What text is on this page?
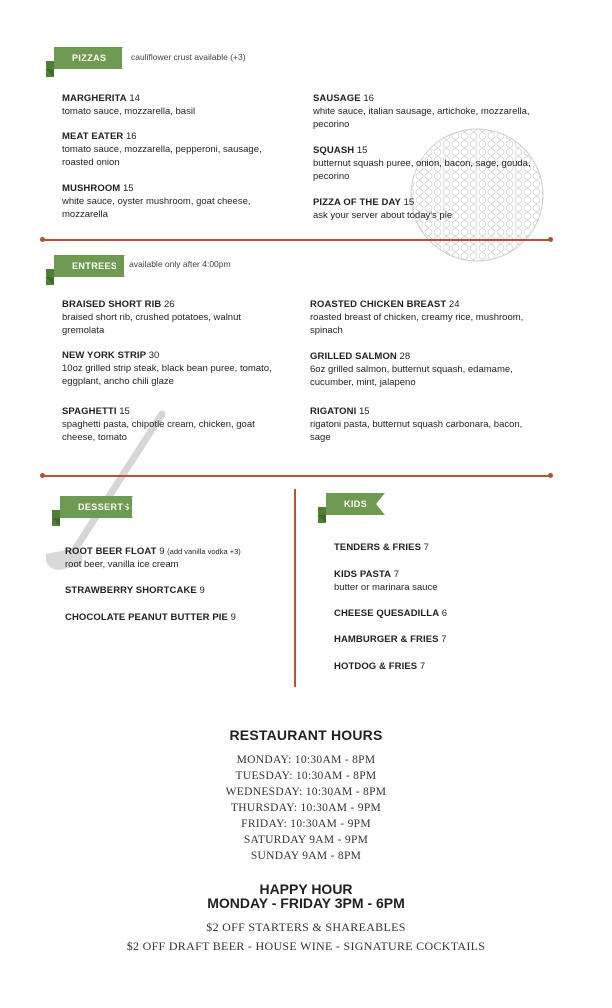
PIZZAS	cauliflower crust available (+3)
MARGHERITA 14
tomato sauce, mozzarella, basil
MEAT EATER 16
tomato sauce, mozzarella, pepperoni, sausage, roasted onion
MUSHROOM 15
white sauce, oyster mushroom, goat cheese, mozzarella
SAUSAGE 16
white sauce, italian sausage, artichoke, mozzarella, pecorino
SQUASH 15
butternut squash puree, onion, bacon, sage, gouda, pecorino
PIZZA OF THE DAY 15
ask your server about today's pie
ENTREES	available only after 4:00pm
BRAISED SHORT RIB 26
braised short rib, crushed potatoes, walnut gremolata
NEW YORK STRIP 30
10oz grilled strip steak, black bean puree, tomato, eggplant, ancho chili glaze
SPAGHETTI 15
spaghetti pasta, chipotle cream, chicken, goat cheese, tomato
ROASTED CHICKEN BREAST 24
roasted breast of chicken, creamy rice, mushroom, spinach
GRILLED SALMON 28
6oz grilled salmon, butternut squash, edamame, cucumber, mint, jalapeno
RIGATONI 15
rigatoni pasta, butternut squash carbonara, bacon, sage
DESSERTS
ROOT BEER FLOAT 9 (add vanilla vodka +3)
root beer, vanilla ice cream
STRAWBERRY SHORTCAKE 9
CHOCOLATE PEANUT BUTTER PIE 9
KIDS
TENDERS & FRIES 7
KIDS PASTA 7
butter or marinara sauce
CHEESE QUESADILLA 6
HAMBURGER & FRIES 7
HOTDOG & FRIES 7
RESTAURANT HOURS
MONDAY: 10:30AM - 8PM
TUESDAY: 10:30AM - 8PM
WEDNESDAY: 10:30AM - 8PM
THURSDAY: 10:30AM - 9PM
FRIDAY: 10:30AM - 9PM
SATURDAY 9AM - 9PM
SUNDAY 9AM - 8PM
HAPPY HOUR
MONDAY - FRIDAY 3PM - 6PM
$2 OFF STARTERS & SHAREABLES
$2 OFF DRAFT BEER - HOUSE WINE - SIGNATURE COCKTAILS
